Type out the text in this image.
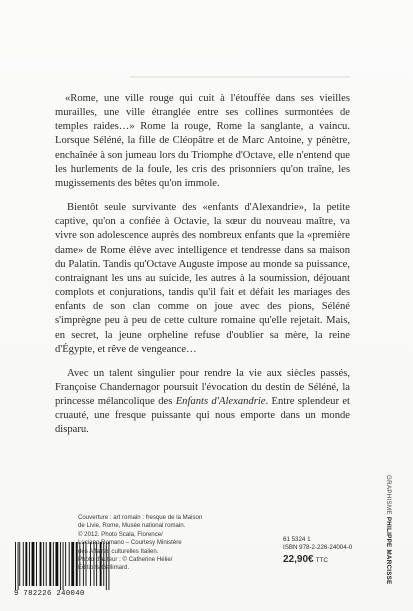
«Rome, une ville rouge qui cuit à l'étouffée dans ses vieilles murailles, une ville étranglée entre ses collines surmontées de temples raides…» Rome la rouge, Rome la sanglante, a vaincu. Lorsque Séléné, la fille de Cléopâtre et de Marc Antoine, y pénètre, enchaînée à son jumeau lors du Triomphe d'Octave, elle n'entend que les hurlements de la foule, les cris des prisonniers qu'on traîne, les mugissements des bêtes qu'on immole.

Bientôt seule survivante des «enfants d'Alexandrie», la petite captive, qu'on a confiée à Octavie, la sœur du nouveau maître, va vivre son adolescence auprès des nombreux enfants que la «première dame» de Rome élève avec intelligence et tendresse dans sa maison du Palatin. Tandis qu'Octave Auguste impose au monde sa puissance, contraignant les uns au suicide, les autres à la soumission, déjouant complots et conjurations, tandis qu'il fait et défait les mariages des enfants de son clan comme on joue avec des pions, Séléné s'imprègne peu à peu de cette culture romaine qu'elle rejetait. Mais, en secret, la jeune orpheline refuse d'oublier sa mère, la reine d'Égypte, et rêve de vengeance…

Avec un talent singulier pour rendre la vie aux siècles passés, Françoise Chandernagor poursuit l'évocation du destin de Séléné, la princesse mélancolique des Enfants d'Alexandrie. Entre splendeur et cruauté, une fresque puissante qui nous emporte dans un monde disparu.

9 782226 240040
Couverture : art romain : fresque de la Maison
de Livie, Rome, Musée national romain.
© 2012. Photo Scala, Florence/
Luciano Romano – Courtesy Ministère
des Affaires culturelles Italien.
Photo d'auteur : © Catherine Hélie/
Éditions Gallimard.
61 5324 1
ISBN 978-2-226-24004-0
22,90€ TTC
GRAPHISME PHILIPPE MARCISSE
